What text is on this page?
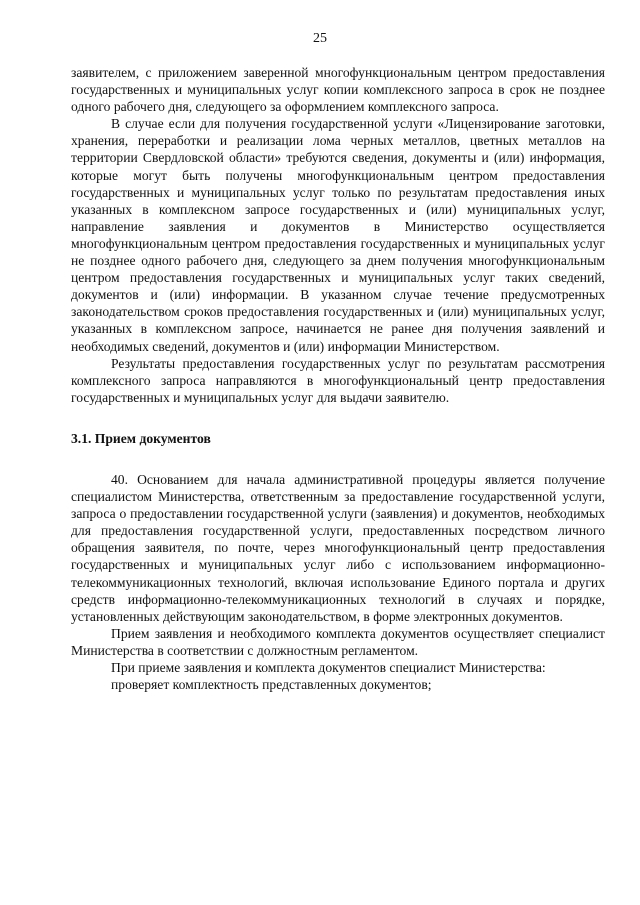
25

заявителем, с приложением заверенной многофункциональным центром предоставления государственных и муниципальных услуг копии комплексного запроса в срок не позднее одного рабочего дня, следующего за оформлением комплексного запроса.

В случае если для получения государственной услуги «Лицензирование заготовки, хранения, переработки и реализации лома черных металлов, цветных металлов на территории Свердловской области» требуются сведения, документы и (или) информация, которые могут быть получены многофункциональным центром предоставления государственных и муниципальных услуг только по результатам предоставления иных указанных в комплексном запросе государственных и (или) муниципальных услуг, направление заявления и документов в Министерство осуществляется многофункциональным центром предоставления государственных и муниципальных услуг не позднее одного рабочего дня, следующего за днем получения многофункциональным центром предоставления государственных и муниципальных услуг таких сведений, документов и (или) информации. В указанном случае течение предусмотренных законодательством сроков предоставления государственных и (или) муниципальных услуг, указанных в комплексном запросе, начинается не ранее дня получения заявлений и необходимых сведений, документов и (или) информации Министерством.

Результаты предоставления государственных услуг по результатам рассмотрения комплексного запроса направляются в многофункциональный центр предоставления государственных и муниципальных услуг для выдачи заявителю.

3.1. Прием документов

40. Основанием для начала административной процедуры является получение специалистом Министерства, ответственным за предоставление государственной услуги, запроса о предоставлении государственной услуги (заявления) и документов, необходимых для предоставления государственной услуги, предоставленных посредством личного обращения заявителя, по почте, через многофункциональный центр предоставления государственных и муниципальных услуг либо с использованием информационно-телекоммуникационных технологий, включая использование Единого портала и других средств информационно-телекоммуникационных технологий в случаях и порядке, установленных действующим законодательством, в форме электронных документов.

Прием заявления и необходимого комплекта документов осуществляет специалист Министерства в соответствии с должностным регламентом.

При приеме заявления и комплекта документов специалист Министерства:

проверяет комплектность представленных документов;
